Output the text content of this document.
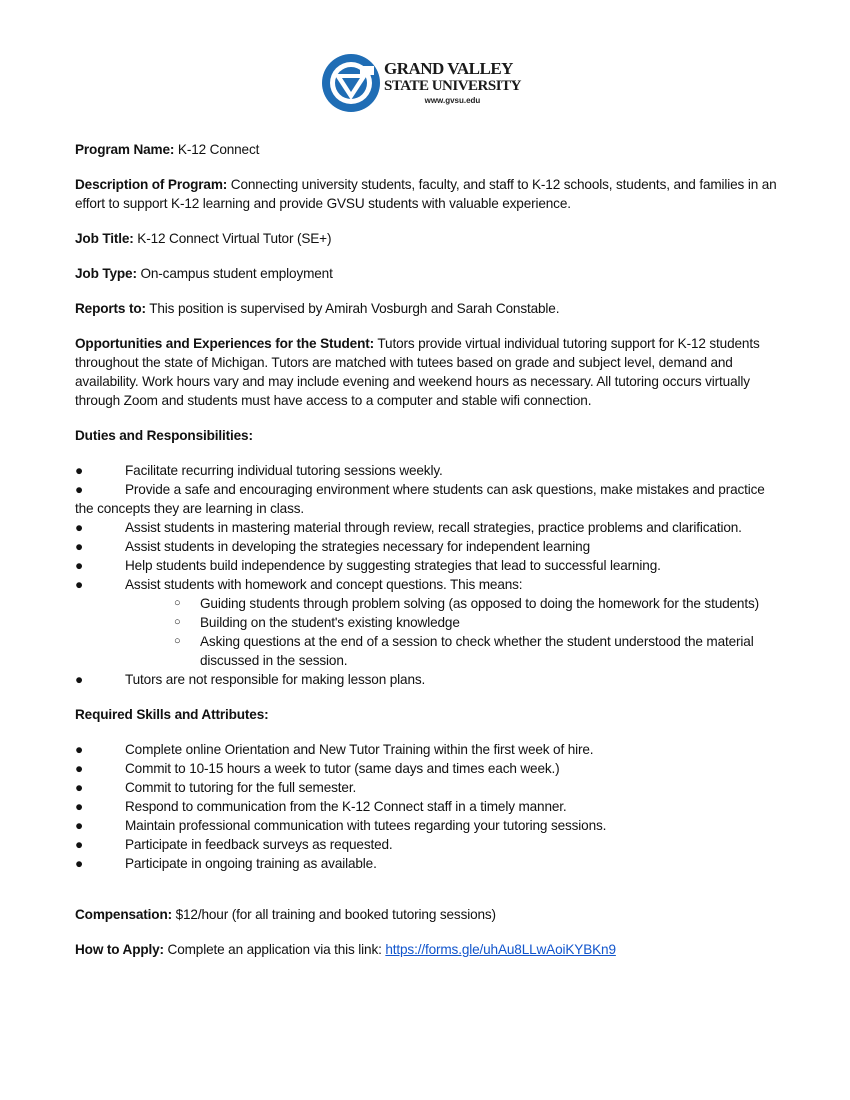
GRAND VALLEY
STATE UNIVERSITY
www.gvsu.edu

Program Name: K-12 Connect

Description of Program: Connecting university students, faculty, and staff to K-12 schools, students, and families in an effort to support K-12 learning and provide GVSU students with valuable experience.

Job Title: K-12 Connect Virtual Tutor (SE+)

Job Type: On-campus student employment

Reports to: This position is supervised by Amirah Vosburgh and Sarah Constable.

Opportunities and Experiences for the Student: Tutors provide virtual individual tutoring support for K-12 students throughout the state of Michigan. Tutors are matched with tutees based on grade and subject level, demand and availability. Work hours vary and may include evening and weekend hours as necessary. All tutoring occurs virtually through Zoom and students must have access to a computer and stable wifi connection.

Duties and Responsibilities:

●	Facilitate recurring individual tutoring sessions weekly.
●	Provide a safe and encouraging environment where students can ask questions, make mistakes and practice the concepts they are learning in class.
●	Assist students in mastering material through review, recall strategies, practice problems and clarification.
●	Assist students in developing the strategies necessary for independent learning
●	Help students build independence by suggesting strategies that lead to successful learning.
●	Assist students with homework and concept questions. This means:
○ Guiding students through problem solving (as opposed to doing the homework for the students)
○ Building on the student's existing knowledge
○ Asking questions at the end of a session to check whether the student understood the material discussed in the session.
●	Tutors are not responsible for making lesson plans.

Required Skills and Attributes:

●	Complete online Orientation and New Tutor Training within the first week of hire.
●	Commit to 10-15 hours a week to tutor (same days and times each week.)
●	Commit to tutoring for the full semester.
●	Respond to communication from the K-12 Connect staff in a timely manner.
●	Maintain professional communication with tutees regarding your tutoring sessions.
●	Participate in feedback surveys as requested.
●	Participate in ongoing training as available.

Compensation: $12/hour (for all training and booked tutoring sessions)

How to Apply: Complete an application via this link: https://forms.gle/uhAu8LLwAoiKYBKn9
